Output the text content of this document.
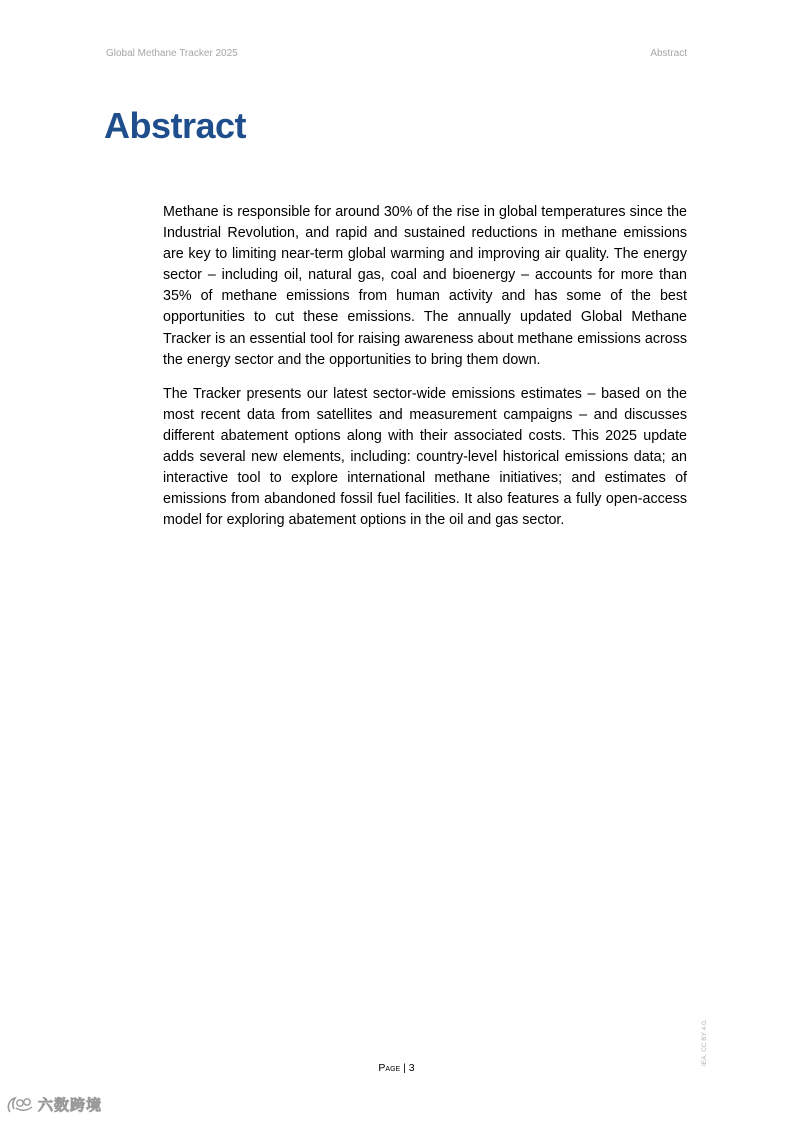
Global Methane Tracker 2025	Abstract
Abstract

Methane is responsible for around 30% of the rise in global temperatures since the Industrial Revolution, and rapid and sustained reductions in methane emissions are key to limiting near-term global warming and improving air quality. The energy sector – including oil, natural gas, coal and bioenergy – accounts for more than 35% of methane emissions from human activity and has some of the best opportunities to cut these emissions. The annually updated Global Methane Tracker is an essential tool for raising awareness about methane emissions across the energy sector and the opportunities to bring them down.

The Tracker presents our latest sector-wide emissions estimates – based on the most recent data from satellites and measurement campaigns – and discusses different abatement options along with their associated costs. This 2025 update adds several new elements, including: country-level historical emissions data; an interactive tool to explore international methane initiatives; and estimates of emissions from abandoned fossil fuel facilities. It also features a fully open-access model for exploring abatement options in the oil and gas sector.

Page | 3
IEA. CC BY 4.0.
六数跨境
